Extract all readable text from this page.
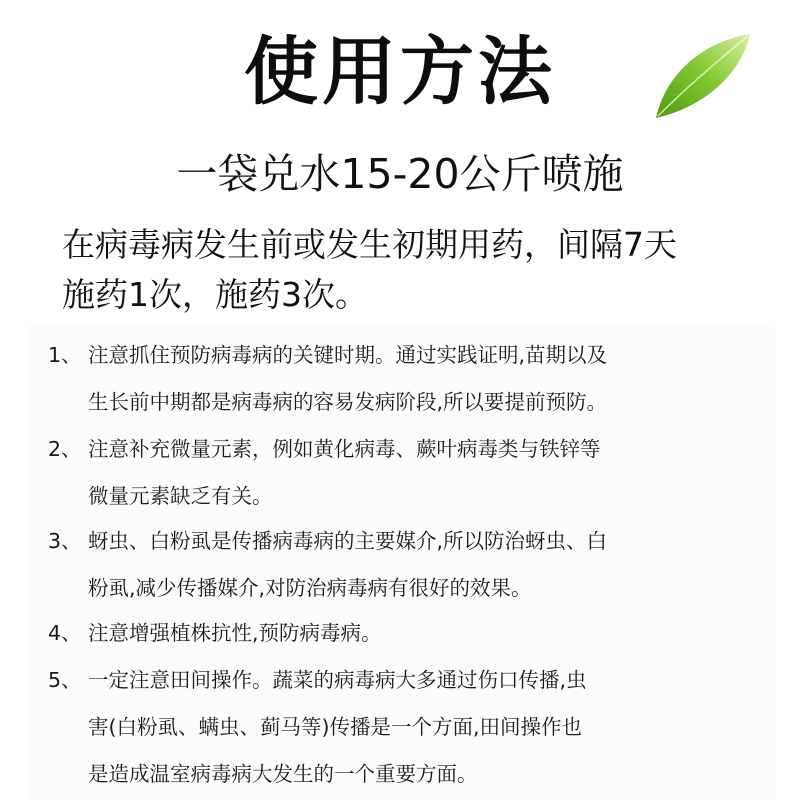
使用方法
一袋兑水15-20公斤喷施
在病毒病发生前或发生初期用药，间隔7天
施药1次，施药3次。
1、 注意抓住预防病毒病的关键时期。通过实践证明,苗期以及
生长前中期都是病毒病的容易发病阶段,所以要提前预防。
2、 注意补充微量元素，例如黄化病毒、蕨叶病毒类与铁锌等
微量元素缺乏有关。
3、 蚜虫、白粉虱是传播病毒病的主要媒介,所以防治蚜虫、白
粉虱,减少传播媒介,对防治病毒病有很好的效果。
4、 注意增强植株抗性,预防病毒病。
5、 一定注意田间操作。蔬菜的病毒病大多通过伤口传播,虫
害(白粉虱、螨虫、蓟马等)传播是一个方面,田间操作也
是造成温室病毒病大发生的一个重要方面。
